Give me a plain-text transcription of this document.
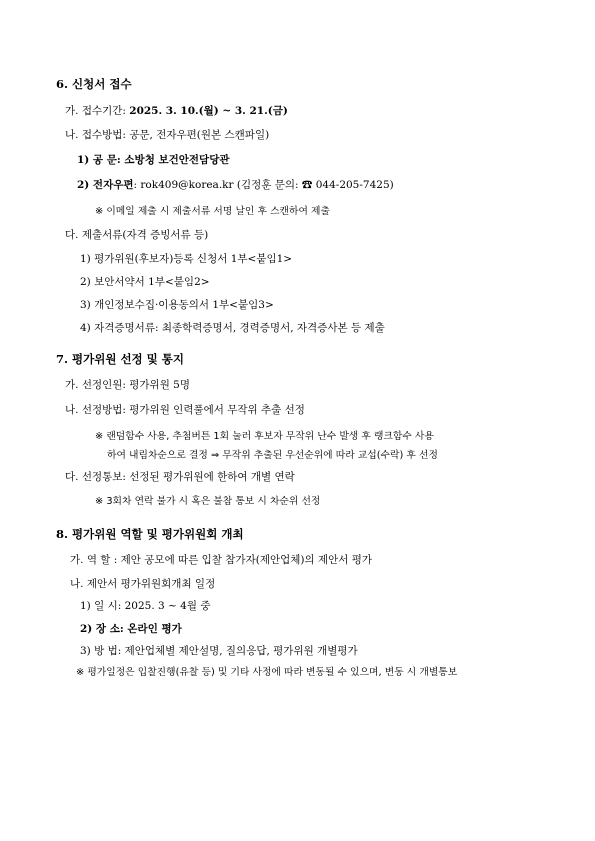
6. 신청서 접수
가. 접수기간: 2025. 3. 10.(월) ~ 3. 21.(금)
나. 접수방법: 공문, 전자우편(원본 스캔파일)
1) 공 문: 소방청 보건안전담당관
2) 전자우편: rok409@korea.kr (김정훈 문의: ☎ 044-205-7425)
※ 이메일 제출 시 제출서류 서명 날인 후 스캔하여 제출
다. 제출서류(자격 증빙서류 등)
1) 평가위원(후보자)등록 신청서 1부<붙임1>
2) 보안서약서 1부<붙임2>
3) 개인정보수집·이용동의서 1부<붙임3>
4) 자격증명서류: 최종학력증명서, 경력증명서, 자격증사본 등 제출
7. 평가위원 선정 및 통지
가. 선정인원: 평가위원 5명
나. 선정방법: 평가위원 인력풀에서 무작위 추출 선정
※ 랜덤함수 사용, 추첨버튼 1회 눌러 후보자 무작위 난수 발생 후 랭크함수 사용
하여 내림차순으로 결정 ⇒ 무작위 추출된 우선순위에 따라 교섭(수락) 후 선정
다. 선정통보: 선정된 평가위원에 한하여 개별 연락
※ 3회차 연락 불가 시 혹은 불참 통보 시 차순위 선정
8. 평가위원 역할 및 평가위원회 개최
가. 역 할 : 제안 공모에 따른 입찰 참가자(제안업체)의 제안서 평가
나. 제안서 평가위원회개최 일정
1) 일 시: 2025. 3 ~ 4월 중
2) 장 소: 온라인 평가
3) 방 법: 제안업체별 제안설명, 질의응답, 평가위원 개별평가
※ 평가일정은 입찰진행(유찰 등) 및 기타 사정에 따라 변동될 수 있으며, 변동 시 개별통보
